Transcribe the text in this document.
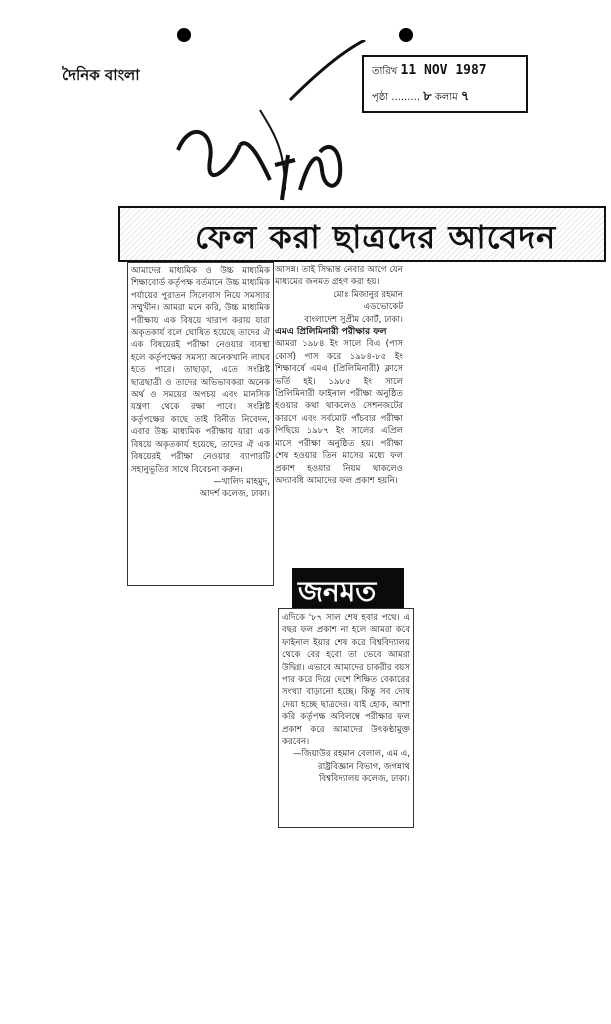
দৈনিক বাংলা	তারিখ 11 NOV 1987
পৃষ্ঠা ......... ৮ কলাম ৭
ফেল করা ছাত্রদের আবেদন

আমাদের মাধ্যমিক ও উচ্চ মাধ্যমিক শিক্ষাবোর্ড কর্তৃপক্ষ বর্তমানে উচ্চ মাধ্যমিক পর্যায়ের পুরাতন সিলেবাস নিয়ে সমস্যার সম্মুখীন। আমরা মনে করি, উচ্চ মাধ্যমিক পরীক্ষায় এক বিষয়ে খারাপ করায় যারা অকৃতকার্য বলে ঘোষিত হয়েছে তাদের ঐ এক বিষয়েরই পরীক্ষা নেওয়ার ব্যবস্থা হলে কর্তৃপক্ষের সমস্যা অনেকখানি লাঘব হতে পারে। তাছাড়া, এতে সংশ্লিষ্ট ছাত্রছাত্রী ও তাদের অভিভাবকরা অনেক অর্থ ও সময়ের অপচয় এবং মানসিক যন্ত্রণা থেকে রক্ষা পাবে। সংশ্লিষ্ট কর্তৃপক্ষের কাছে তাই বিনীত নিবেদন, এবার উচ্চ মাধ্যমিক পরীক্ষায় যারা এক বিষয়ে অকৃতকার্য হয়েছে, তাদের ঐ এক বিষয়েরই পরীক্ষা নেওয়ার ব্যাপারটি সহানুভূতির সাথে বিবেচনা করুন।

—খালিদ মাহমুদ,

আদর্শ কলেজ, ঢাকা।

আসন্ন। তাই সিদ্ধান্ত নেবার আগে যেন মাধ্যমের জনমত গ্রহণ করা হয়।

মোঃ মিজানুর রহমান

এডভোকেট

বাংলাদেশ সুপ্রীম কোর্ট, ঢাকা।

এমএ প্রিলিমিনারী পরীক্ষার ফল

আমরা ১৯৮৪ ইং সালে বিএ (পাস কোর্স) পাস করে ১৯৮৪-৮৫ ইং শিক্ষাবর্ষে এমএ (প্রিলিমিনারী) ক্লাসে ভর্তি হই। ১৯৮৫ ইং সালে প্রিলিমিনারী ফাইনাল পরীক্ষা অনুষ্ঠিত হওয়ার কথা থাকলেও সেশনজটের কারণে এবং সর্বমোট পাঁচবার পরীক্ষা পিছিয়ে ১৯৮৭ ইং সালের এপ্রিল মাসে পরীক্ষা অনুষ্ঠিত হয়। পরীক্ষা শেষ হওয়ার তিন মাসের মধ্যে ফল প্রকাশ হওয়ার নিয়ম থাকলেও অদ্যাবধি আমাদের ফল প্রকাশ হয়নি।

জনমত

এদিকে '৮৭ সাল শেষ হবার পথে। এ বছর ফল প্রকাশ না হলে আমরা কবে ফাইনাল ইয়ার শেষ করে বিশ্ববিদ্যালয় থেকে বের হবো তা ভেবে আমরা উদ্বিগ্ন। এভাবে আমাদের চাকরীর বয়স পার করে দিয়ে দেশে শিক্ষিত বেকারের সংখ্যা বাড়ানো হচ্ছে। কিন্তু সব দোষ দেয়া হচ্ছে ছাত্রদের। যাই হোক, আশা করি কর্তৃপক্ষ অবিলম্বে পরীক্ষার ফল প্রকাশ করে আমাদের উৎকণ্ঠামুক্ত করবেন।

—জিয়াউর রহমান বেলাল, এম এ, রাষ্ট্রবিজ্ঞান বিভাগ, জগন্নাথ বিশ্ববিদ্যালয় কলেজ, ঢাকা।
